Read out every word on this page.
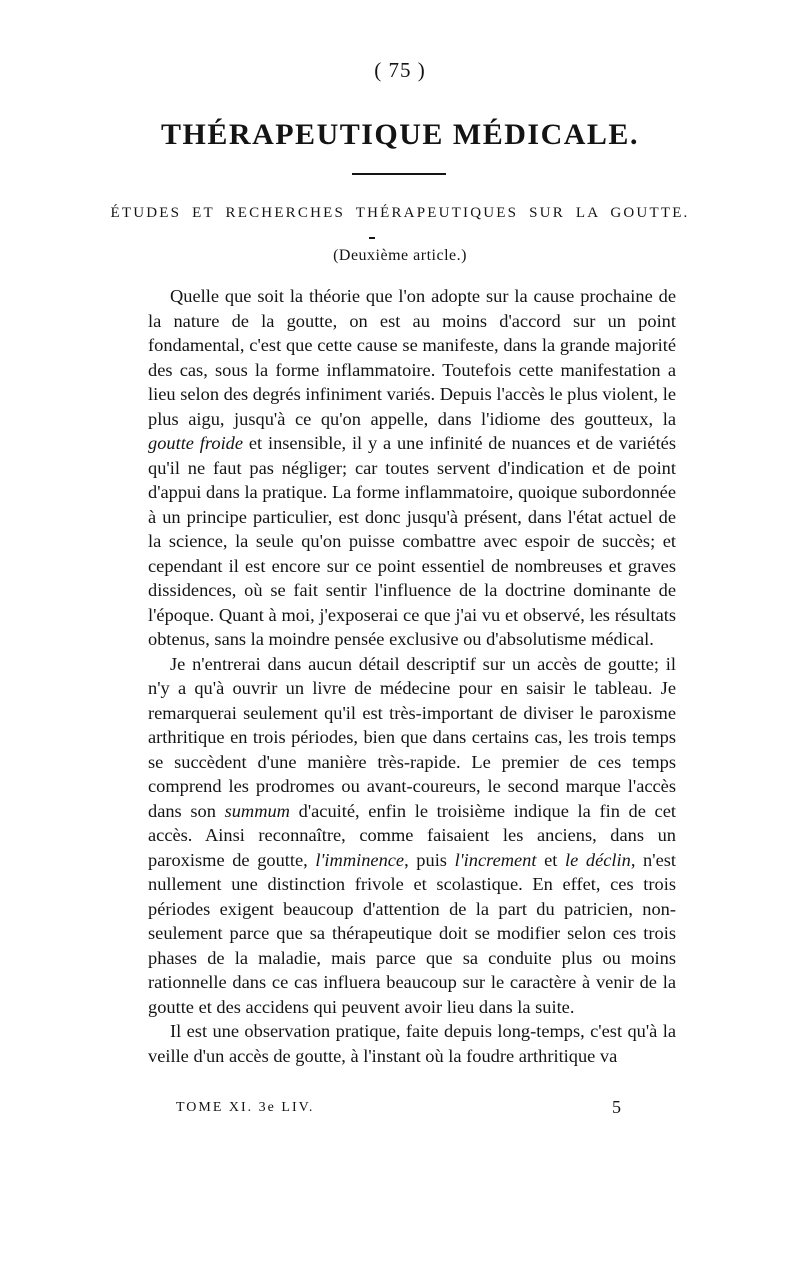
( 75 )
THÉRAPEUTIQUE MÉDICALE.
ÉTUDES ET RECHERCHES THÉRAPEUTIQUES SUR LA GOUTTE.
(Deuxième article.)

Quelle que soit la théorie que l'on adopte sur la cause prochaine de la nature de la goutte, on est au moins d'accord sur un point fondamental, c'est que cette cause se manifeste, dans la grande majorité des cas, sous la forme inflammatoire. Toutefois cette manifestation a lieu selon des degrés infiniment variés. Depuis l'accès le plus violent, le plus aigu, jusqu'à ce qu'on appelle, dans l'idiome des goutteux, la goutte froide et insensible, il y a une infinité de nuances et de variétés qu'il ne faut pas négliger; car toutes servent d'indication et de point d'appui dans la pratique. La forme inflammatoire, quoique subordonnée à un principe particulier, est donc jusqu'à présent, dans l'état actuel de la science, la seule qu'on puisse combattre avec espoir de succès; et cependant il est encore sur ce point essentiel de nombreuses et graves dissidences, où se fait sentir l'influence de la doctrine dominante de l'époque. Quant à moi, j'exposerai ce que j'ai vu et observé, les résultats obtenus, sans la moindre pensée exclusive ou d'absolutisme médical.

Je n'entrerai dans aucun détail descriptif sur un accès de goutte; il n'y a qu'à ouvrir un livre de médecine pour en saisir le tableau. Je remarquerai seulement qu'il est très-important de diviser le paroxisme arthritique en trois périodes, bien que dans certains cas, les trois temps se succèdent d'une manière très-rapide. Le premier de ces temps comprend les prodromes ou avant-coureurs, le second marque l'accès dans son summum d'acuité, enfin le troisième indique la fin de cet accès. Ainsi reconnaître, comme faisaient les anciens, dans un paroxisme de goutte, l'imminence, puis l'increment et le déclin, n'est nullement une distinction frivole et scolastique. En effet, ces trois périodes exigent beaucoup d'attention de la part du patricien, non-seulement parce que sa thérapeutique doit se modifier selon ces trois phases de la maladie, mais parce que sa conduite plus ou moins rationnelle dans ce cas influera beaucoup sur le caractère à venir de la goutte et des accidens qui peuvent avoir lieu dans la suite.

Il est une observation pratique, faite depuis long-temps, c'est qu'à la veille d'un accès de goutte, à l'instant où la foudre arthritique va

TOME XI. 3e LIV.	5
